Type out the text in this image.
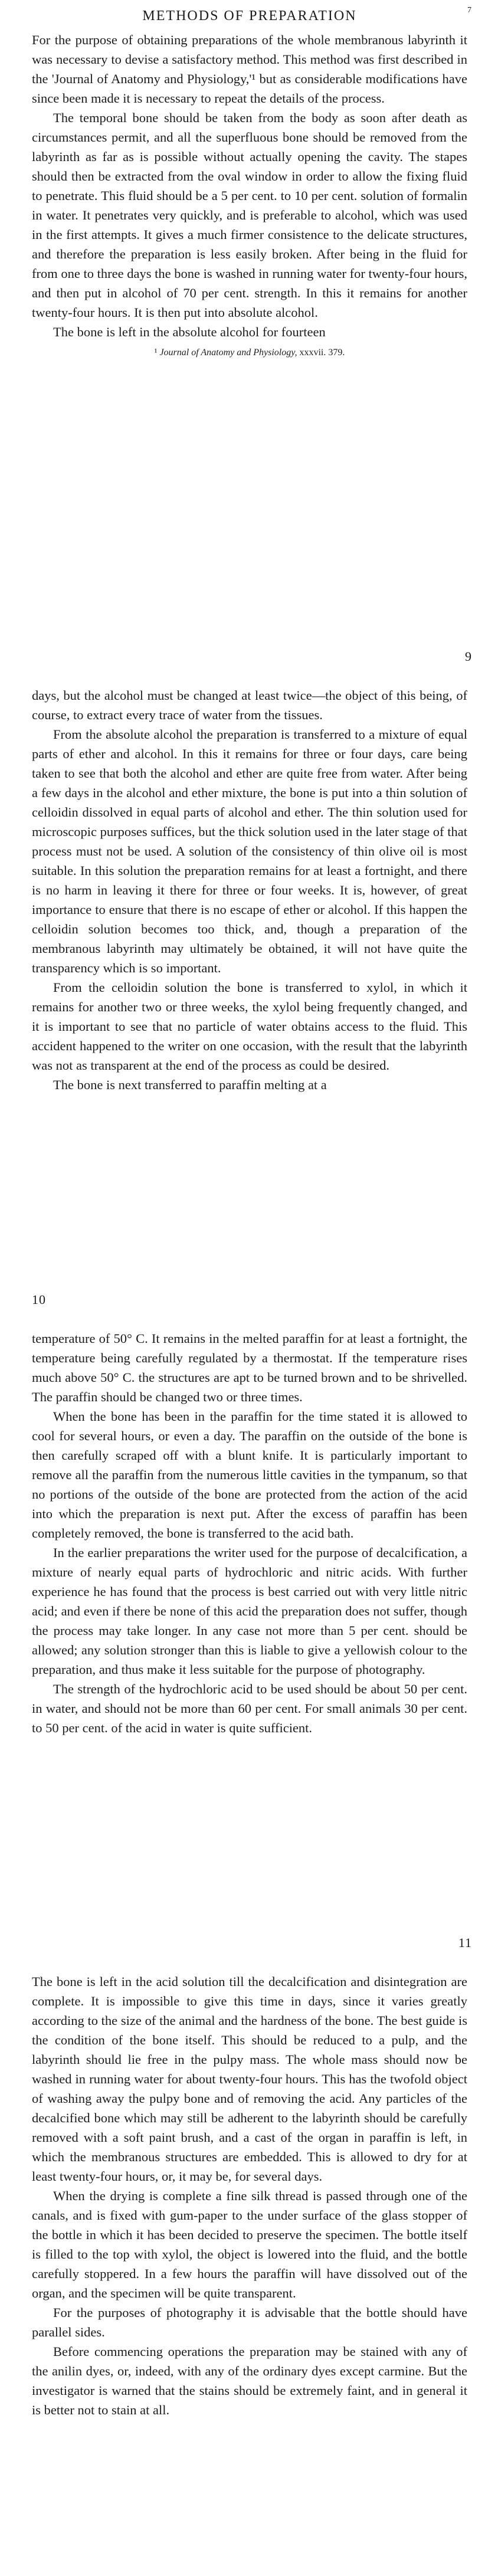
7
METHODS OF PREPARATION

For the purpose of obtaining preparations of the whole membranous labyrinth it was necessary to devise a satisfactory method. This method was first described in the 'Journal of Anatomy and Physiology,'¹ but as considerable modifications have since been made it is necessary to repeat the details of the process.

The temporal bone should be taken from the body as soon after death as circumstances permit, and all the superfluous bone should be removed from the labyrinth as far as is possible without actually opening the cavity. The stapes should then be extracted from the oval window in order to allow the fixing fluid to penetrate. This fluid should be a 5 per cent. to 10 per cent. solution of formalin in water. It penetrates very quickly, and is preferable to alcohol, which was used in the first attempts. It gives a much firmer consistence to the delicate structures, and therefore the preparation is less easily broken. After being in the fluid for from one to three days the bone is washed in running water for twenty-four hours, and then put in alcohol of 70 per cent. strength. In this it remains for another twenty-four hours. It is then put into absolute alcohol.

The bone is left in the absolute alcohol for fourteen

¹ Journal of Anatomy and Physiology, xxxvii. 379.
9

days, but the alcohol must be changed at least twice—the object of this being, of course, to extract every trace of water from the tissues.

From the absolute alcohol the preparation is transferred to a mixture of equal parts of ether and alcohol. In this it remains for three or four days, care being taken to see that both the alcohol and ether are quite free from water. After being a few days in the alcohol and ether mixture, the bone is put into a thin solution of celloidin dissolved in equal parts of alcohol and ether. The thin solution used for microscopic purposes suffices, but the thick solution used in the later stage of that process must not be used. A solution of the consistency of thin olive oil is most suitable. In this solution the preparation remains for at least a fortnight, and there is no harm in leaving it there for three or four weeks. It is, however, of great importance to ensure that there is no escape of ether or alcohol. If this happen the celloidin solution becomes too thick, and, though a preparation of the membranous labyrinth may ultimately be obtained, it will not have quite the transparency which is so important.

From the celloidin solution the bone is transferred to xylol, in which it remains for another two or three weeks, the xylol being frequently changed, and it is important to see that no particle of water obtains access to the fluid. This accident happened to the writer on one occasion, with the result that the labyrinth was not as transparent at the end of the process as could be desired.

The bone is next transferred to paraffin melting at a

10

temperature of 50° C. It remains in the melted paraffin for at least a fortnight, the temperature being carefully regulated by a thermostat. If the temperature rises much above 50° C. the structures are apt to be turned brown and to be shrivelled. The paraffin should be changed two or three times.

When the bone has been in the paraffin for the time stated it is allowed to cool for several hours, or even a day. The paraffin on the outside of the bone is then carefully scraped off with a blunt knife. It is particularly important to remove all the paraffin from the numerous little cavities in the tympanum, so that no portions of the outside of the bone are protected from the action of the acid into which the preparation is next put. After the excess of paraffin has been completely removed, the bone is transferred to the acid bath.

In the earlier preparations the writer used for the purpose of decalcification, a mixture of nearly equal parts of hydrochloric and nitric acids. With further experience he has found that the process is best carried out with very little nitric acid; and even if there be none of this acid the preparation does not suffer, though the process may take longer. In any case not more than 5 per cent. should be allowed; any solution stronger than this is liable to give a yellowish colour to the preparation, and thus make it less suitable for the purpose of photography.

The strength of the hydrochloric acid to be used should be about 50 per cent. in water, and should not be more than 60 per cent. For small animals 30 per cent. to 50 per cent. of the acid in water is quite sufficient.

11

The bone is left in the acid solution till the decalcification and disintegration are complete. It is impossible to give this time in days, since it varies greatly according to the size of the animal and the hardness of the bone. The best guide is the condition of the bone itself. This should be reduced to a pulp, and the labyrinth should lie free in the pulpy mass. The whole mass should now be washed in running water for about twenty-four hours. This has the twofold object of washing away the pulpy bone and of removing the acid. Any particles of the decalcified bone which may still be adherent to the labyrinth should be carefully removed with a soft paint brush, and a cast of the organ in paraffin is left, in which the membranous structures are embedded. This is allowed to dry for at least twenty-four hours, or, it may be, for several days.

When the drying is complete a fine silk thread is passed through one of the canals, and is fixed with gum-paper to the under surface of the glass stopper of the bottle in which it has been decided to preserve the specimen. The bottle itself is filled to the top with xylol, the object is lowered into the fluid, and the bottle carefully stoppered. In a few hours the paraffin will have dissolved out of the organ, and the specimen will be quite transparent.

For the purposes of photography it is advisable that the bottle should have parallel sides.

Before commencing operations the preparation may be stained with any of the anilin dyes, or, indeed, with any of the ordinary dyes except carmine. But the investigator is warned that the stains should be extremely faint, and in general it is better not to stain at all.
